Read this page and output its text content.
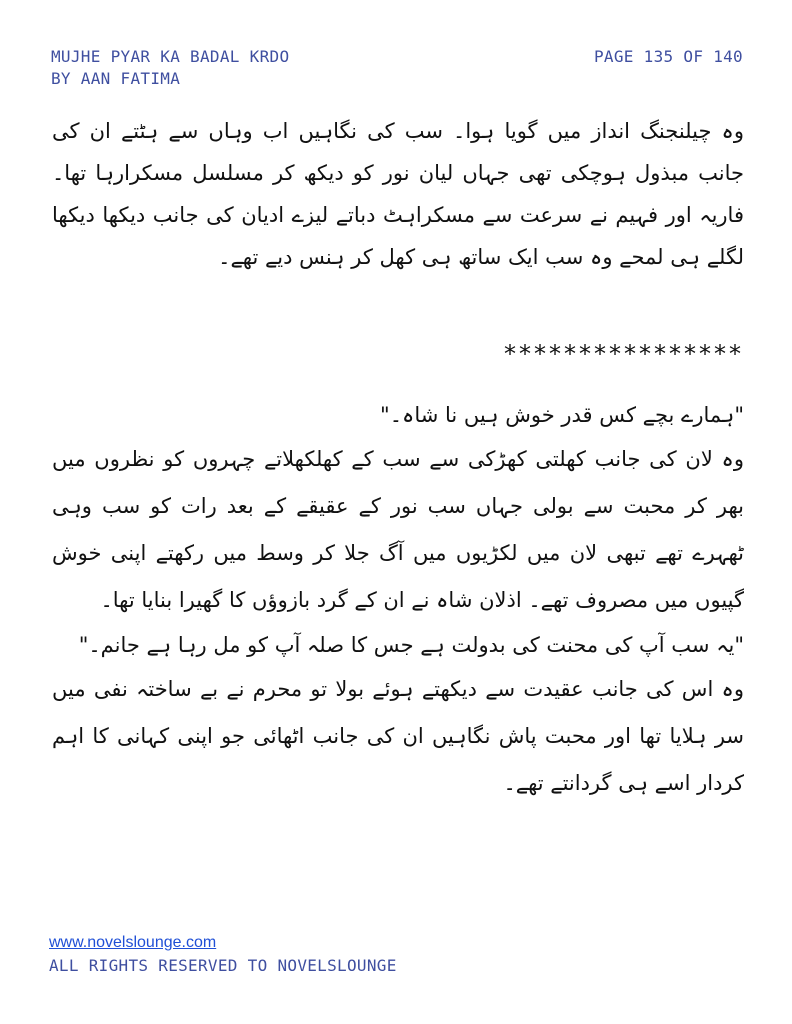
MUJHE PYAR KA BADAL KRDO
BY AAN FATIMA
PAGE 135 OF 140

وہ چیلنجنگ انداز میں گویا ہوا۔ سب کی نگاہیں اب وہاں سے ہٹتے ان کی جانب مبذول ہوچکی تھی جہاں لیان نور کو دیکھ کر مسلسل مسکرارہا تھا۔ فاریہ اور فہیم نے سرعت سے مسکراہٹ دباتے لیزے ادیان کی جانب دیکھا دیکھا لگلے ہی لمحے وہ سب ایک ساتھ ہی کھل کر ہنس دیے تھے۔

****************

"ہمارے بچے کس قدر خوش ہیں نا شاہ۔"

وہ لان کی جانب کھلتی کھڑکی سے سب کے کھلکھلاتے چہروں کو نظروں میں بھر کر محبت سے بولی جہاں سب نور کے عقیقے کے بعد رات کو سب وہی ٹھہرے تھے تبھی لان میں لکڑیوں میں آگ جلا کر وسط میں رکھتے اپنی خوش گپیوں میں مصروف تھے۔ اذلان شاہ نے ان کے گرد بازوؤں کا گھیرا بنایا تھا۔

"یہ سب آپ کی محنت کی بدولت ہے جس کا صلہ آپ کو مل رہا ہے جانم۔"

وہ اس کی جانب عقیدت سے دیکھتے ہوئے بولا تو محرم نے بے ساختہ نفی میں سر ہلایا تھا اور محبت پاش نگاہیں ان کی جانب اٹھائی جو اپنی کہانی کا اہم کردار اسے ہی گردانتے تھے۔

www.novelslounge.com
ALL RIGHTS RESERVED TO NOVELSLOUNGE
